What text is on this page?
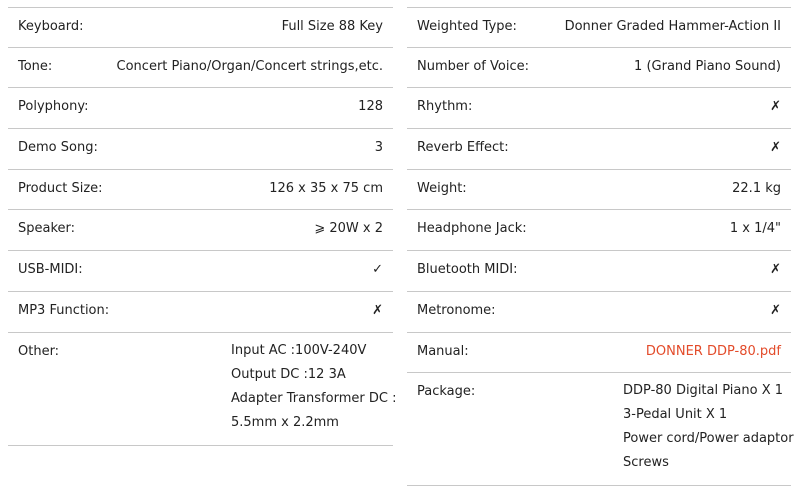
Keyboard:	Full Size 88 Key
Tone:	Concert Piano/Organ/Concert strings,etc.
Polyphony:	128
Demo Song:	3
Product Size:	126 x 35 x 75 cm
Speaker:	⩾ 20W x 2
USB-MIDI:	✓
MP3 Function:	✗
Other:	Input AC :100V-240V
Output DC :12 3A
Adapter Transformer DC :
5.5mm x 2.2mm
Weighted Type:	Donner Graded Hammer-Action II
Number of Voice:	1 (Grand Piano Sound)
Rhythm:	✗
Reverb Effect:	✗
Weight:	22.1 kg
Headphone Jack:	1 x 1/4"
Bluetooth MIDI:	✗
Metronome:	✗
Manual:	DONNER DDP-80.pdf
Package:	DDP-80 Digital Piano X 1
3-Pedal Unit X 1
Power cord/Power adaptor
Screws
